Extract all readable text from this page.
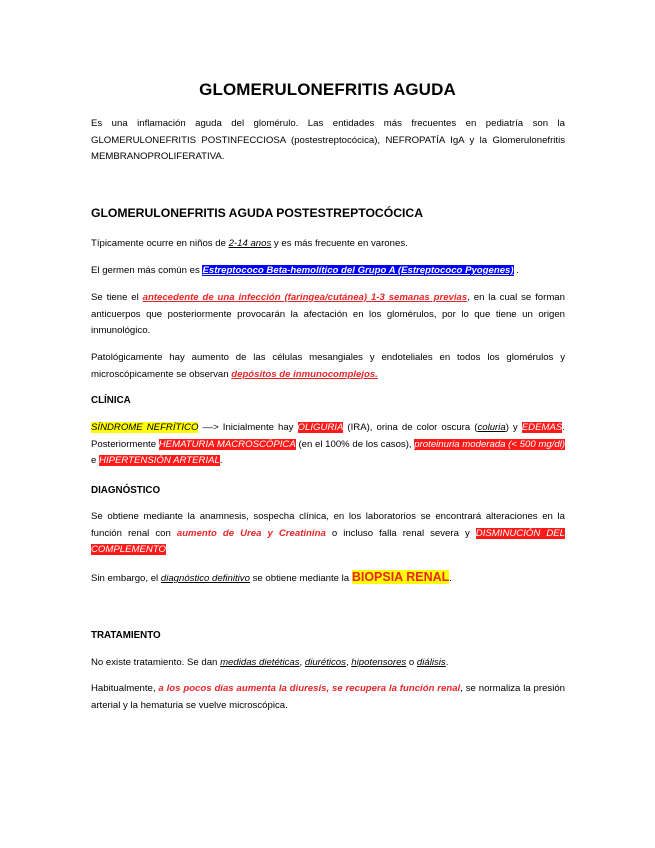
GLOMERULONEFRITIS AGUDA

Es una inflamación aguda del glomérulo. Las entidades más frecuentes en pediatría son la GLOMERULONEFRITIS POSTINFECCIOSA (postestreptocócica), NEFROPATÍA IgA y la Glomerulonefritis MEMBRANOPROLIFERATIVA.

GLOMERULONEFRITIS AGUDA POSTESTREPTOCÓCICA

Típicamente ocurre en niños de 2-14 anos y es más frecuente en varones.

El germen más común es Estreptococo Beta-hemolítico del Grupo A (Estreptococo Pyogenes) .

Se tiene el antecedente de una infección (faríngea/cutánea) 1-3 semanas previas, en la cual se forman anticuerpos que posteriormente provocarán la afectación en los glomérulos, por lo que tiene un origen inmunológico.

Patológicamente hay aumento de las células mesangiales y endoteliales en todos los glomérulos y microscópicamente se observan depósitos de inmunocomplejos.

CLÍNICA

SÍNDROME NEFRÍTICO ––> Inicialmente hay OLIGURIA (IRA), orina de color oscura (coluria) y EDEMAS. Posteriormente HEMATURIA MACROSCÓPICA (en el 100% de los casos), proteinuria moderada (< 500 mg/dl) e HIPERTENSIÓN ARTERIAL.

DIAGNÓSTICO

Se obtiene mediante la anamnesis, sospecha clínica, en los laboratorios se encontrará alteraciones en la función renal con aumento de Urea y Creatinina o incluso falla renal severa y DISMINUCIÓN DEL COMPLEMENTO

Sin embargo, el diagnóstico definitivo se obtiene mediante la BIOPSIA RENAL.

TRATAMIENTO

No existe tratamiento. Se dan medidas dietéticas, diuréticos, hipotensores o diálisis.

Habitualmente, a los pocos días aumenta la diuresis, se recupera la función renal, se normaliza la presión arterial y la hematuria se vuelve microscópica.
